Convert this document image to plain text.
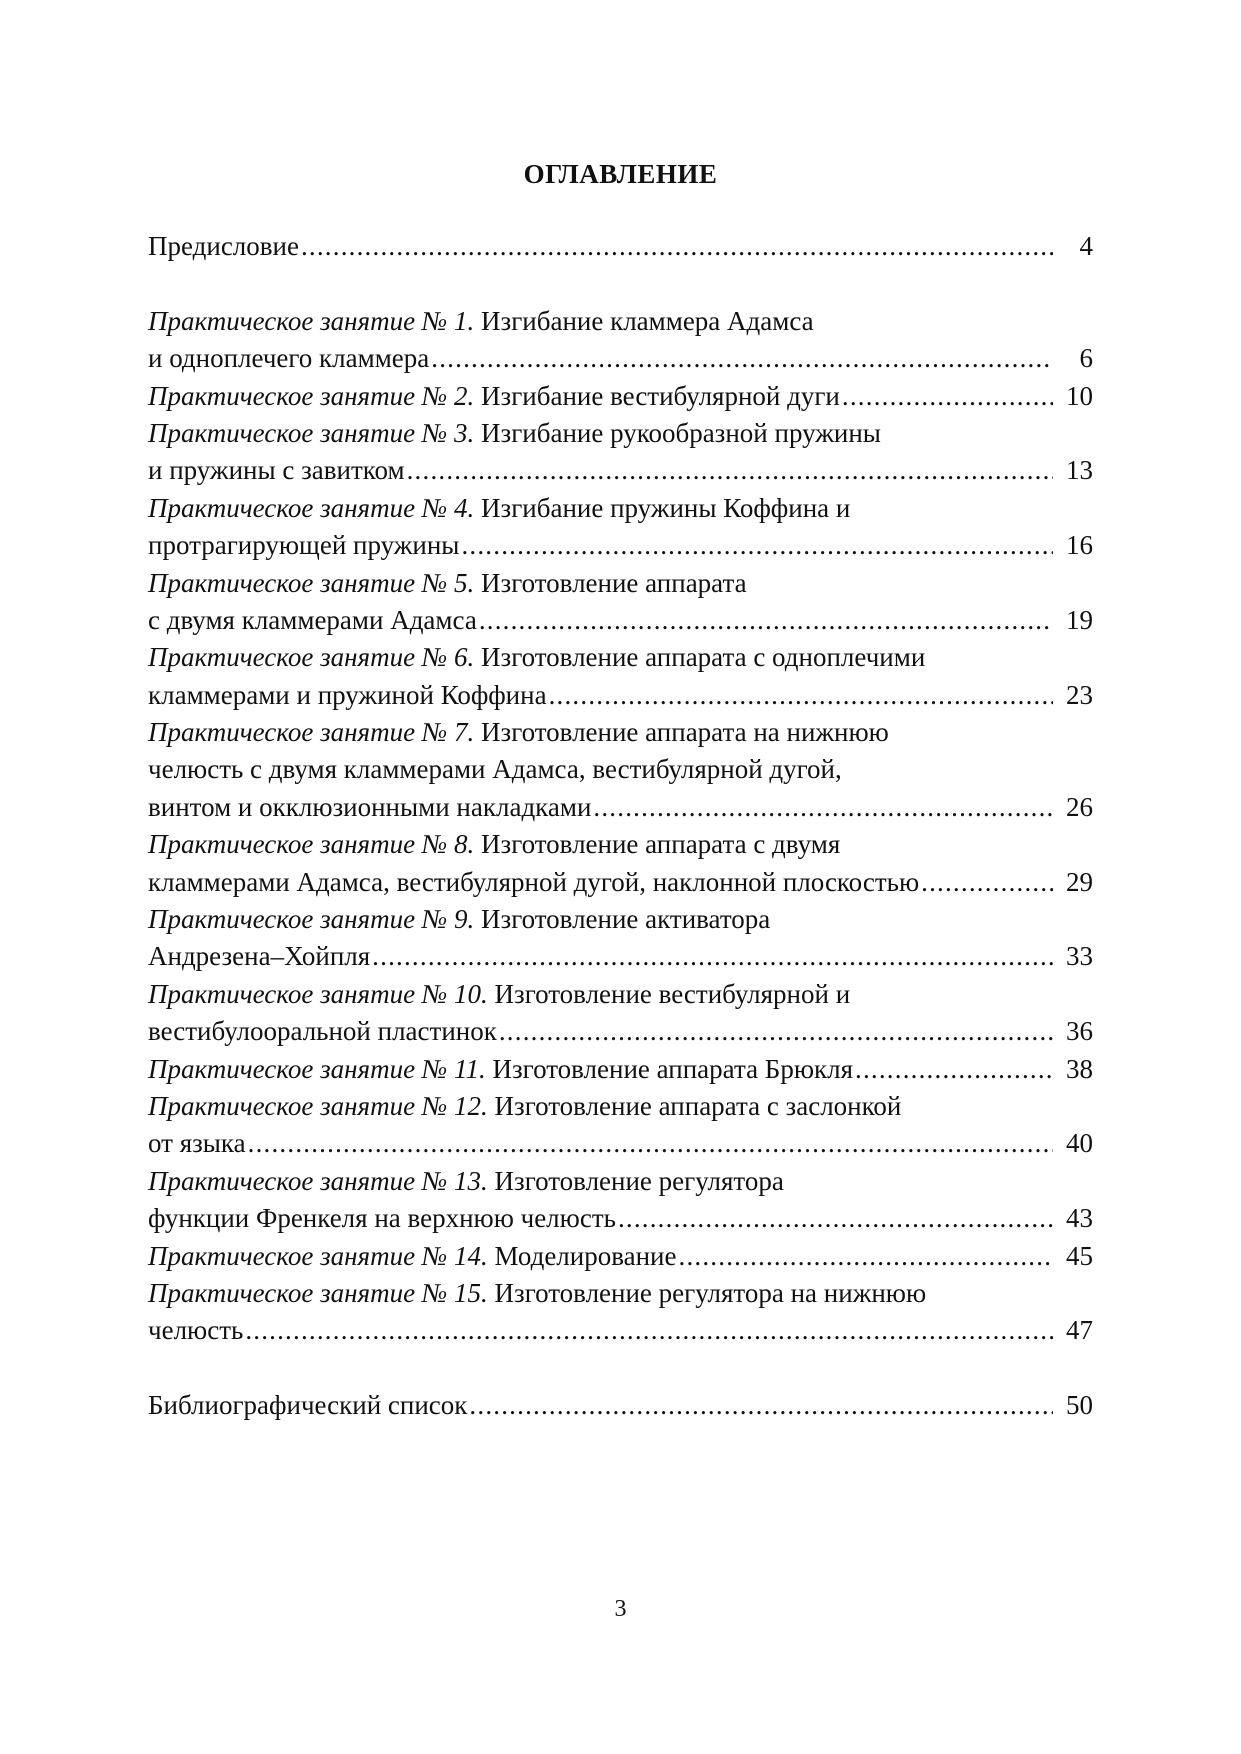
ОГЛАВЛЕНИЕ
Предисловие .....	4
Практическое занятие № 1. Изгибание кламмера Адамса
и одноплечего кламмера .....	6
Практическое занятие № 2. Изгибание вестибулярной дуги .....	10
Практическое занятие № 3. Изгибание рукообразной пружины
и пружины с завитком .....	13
Практическое занятие № 4. Изгибание пружины Коффина и
протрагирующей пружины .....	16
Практическое занятие № 5. Изготовление аппарата
с двумя кламмерами Адамса .....	19
Практическое занятие № 6. Изготовление аппарата с одноплечими
кламмерами и пружиной Коффина .....	23
Практическое занятие № 7. Изготовление аппарата на нижнюю
челюсть с двумя кламмерами Адамса, вестибулярной дугой,
винтом и окклюзионными накладками .....	26
Практическое занятие № 8. Изготовление аппарата с двумя
кламмерами Адамса, вестибулярной дугой, наклонной плоскостью .....	29
Практическое занятие № 9. Изготовление активатора
Андрезена–Хойпля .....	33
Практическое занятие № 10. Изготовление вестибулярной и
вестибулооральной пластинок .....	36
Практическое занятие № 11. Изготовление аппарата Брюкля .....	38
Практическое занятие № 12. Изготовление аппарата с заслонкой
от языка .....	40
Практическое занятие № 13. Изготовление регулятора
функции Френкеля на верхнюю челюсть .....	43
Практическое занятие № 14. Моделирование .....	45
Практическое занятие № 15. Изготовление регулятора на нижнюю
челюсть .....	47
Библиографический список .....	50
3
